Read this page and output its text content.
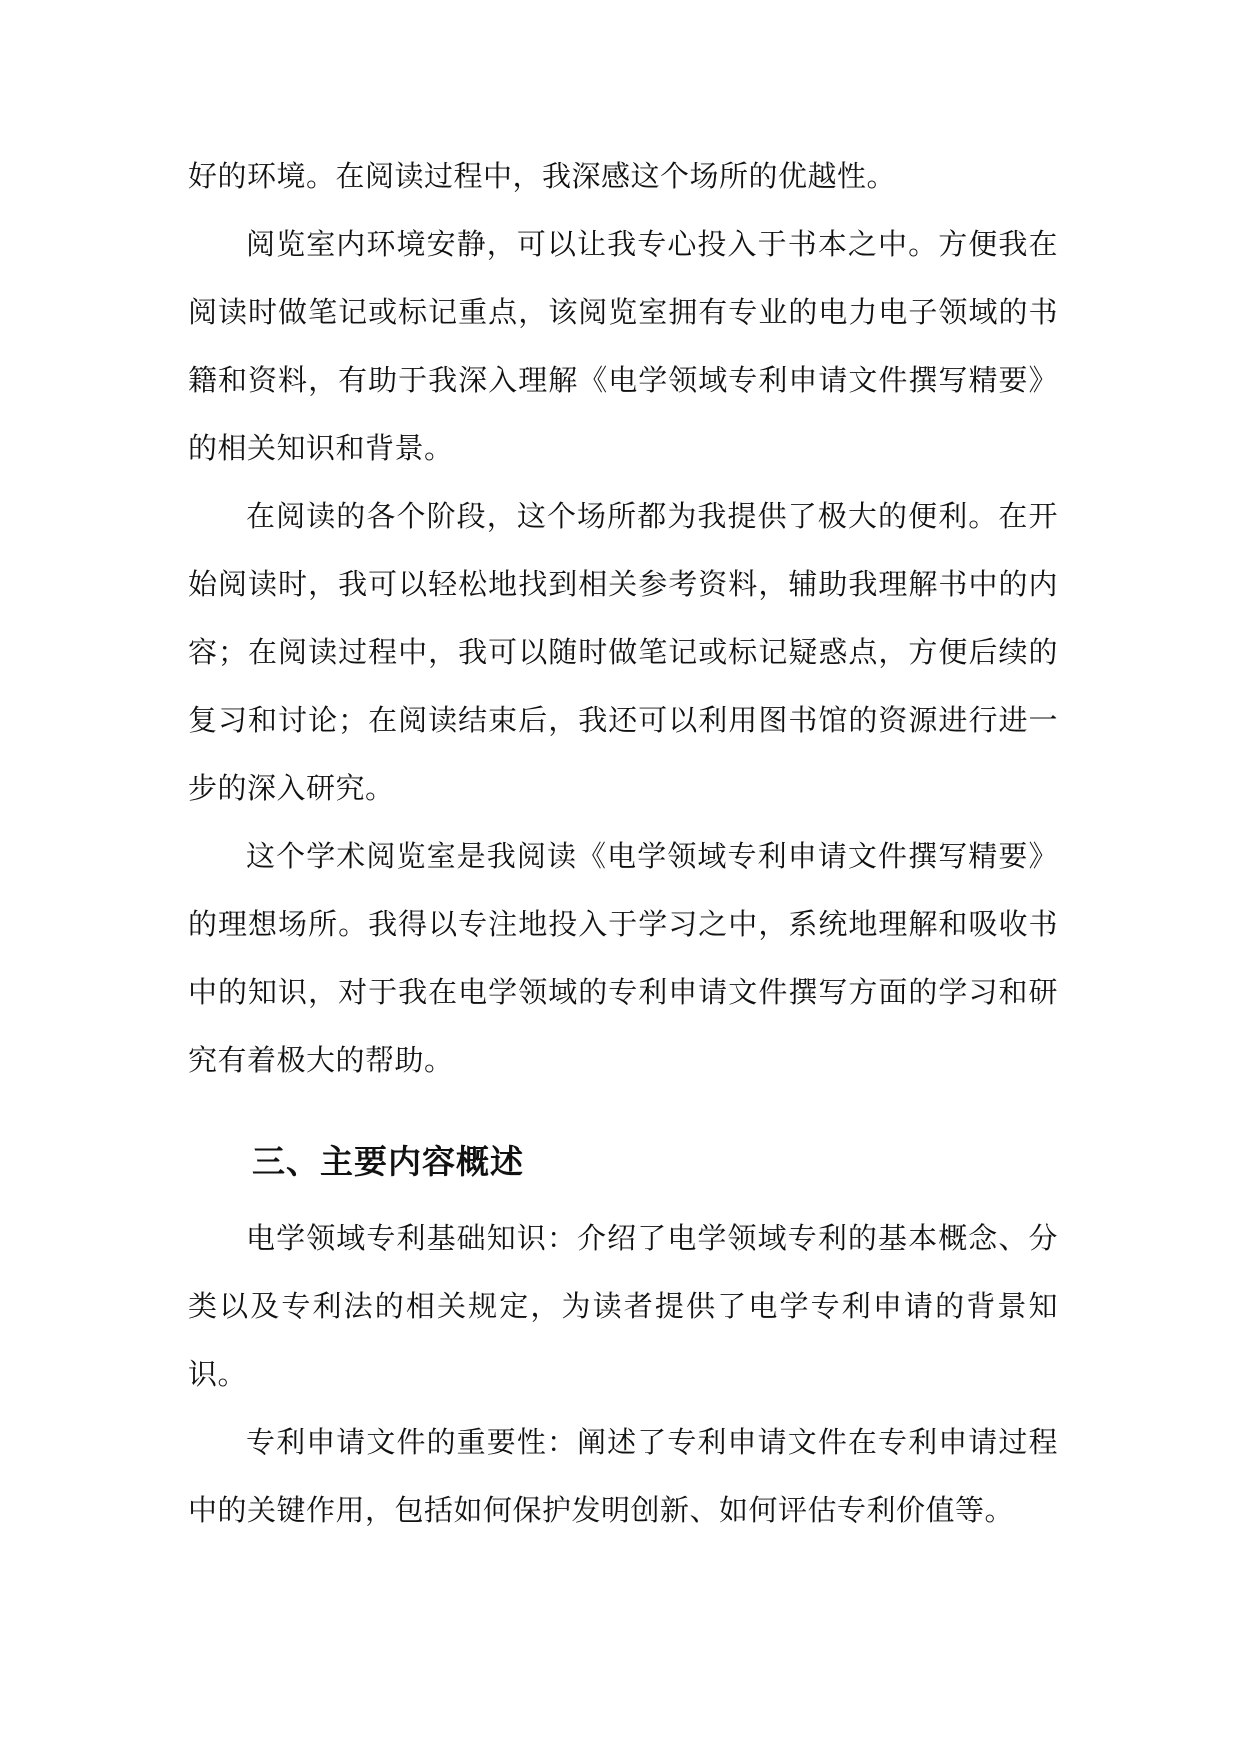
好的环境。在阅读过程中，我深感这个场所的优越性。

阅览室内环境安静，可以让我专心投入于书本之中。方便我在阅读时做笔记或标记重点，该阅览室拥有专业的电力电子领域的书籍和资料，有助于我深入理解《电学领域专利申请文件撰写精要》的相关知识和背景。

在阅读的各个阶段，这个场所都为我提供了极大的便利。在开始阅读时，我可以轻松地找到相关参考资料，辅助我理解书中的内容；在阅读过程中，我可以随时做笔记或标记疑惑点，方便后续的复习和讨论；在阅读结束后，我还可以利用图书馆的资源进行进一步的深入研究。

这个学术阅览室是我阅读《电学领域专利申请文件撰写精要》的理想场所。我得以专注地投入于学习之中，系统地理解和吸收书中的知识，对于我在电学领域的专利申请文件撰写方面的学习和研究有着极大的帮助。

三、主要内容概述

电学领域专利基础知识：介绍了电学领域专利的基本概念、分类以及专利法的相关规定，为读者提供了电学专利申请的背景知识。

专利申请文件的重要性：阐述了专利申请文件在专利申请过程中的关键作用，包括如何保护发明创新、如何评估专利价值等。
